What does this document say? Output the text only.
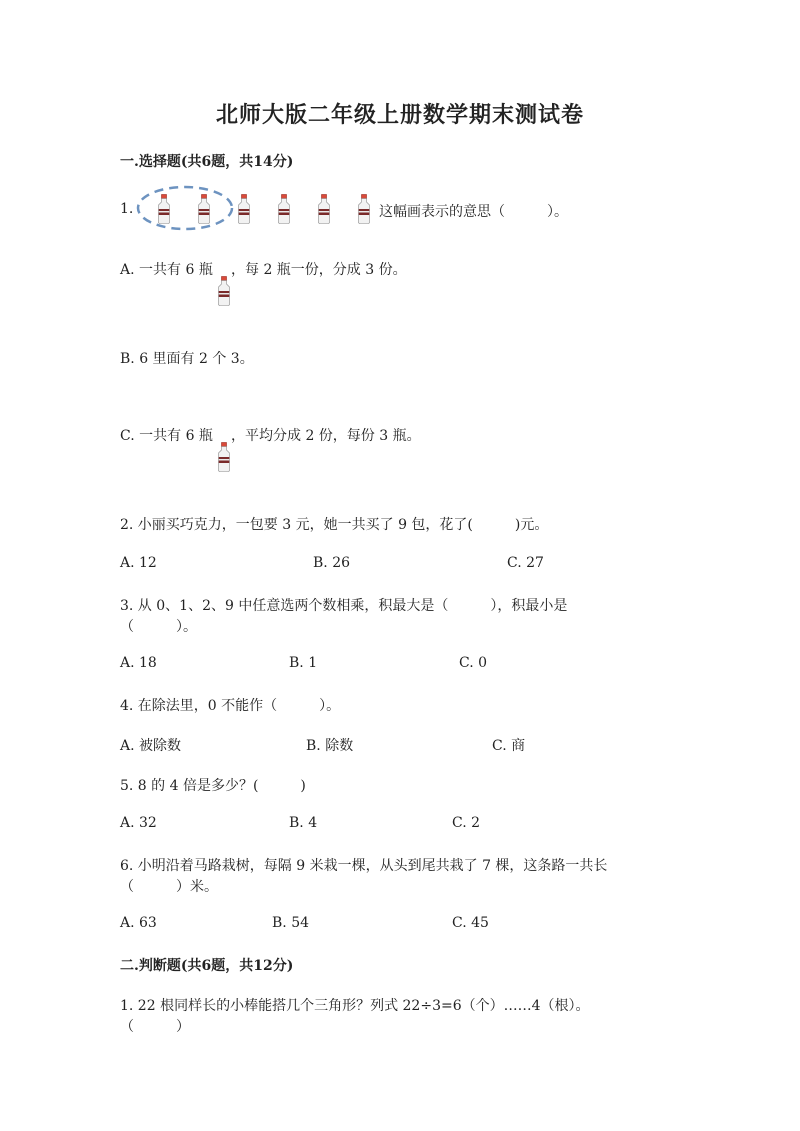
北师大版二年级上册数学期末测试卷
一.选择题(共6题，共14分)
1.	这幅画表示的意思（　　　）。
A. 一共有 6 瓶 ，每 2 瓶一份，分成 3 份。
B. 6 里面有 2 个 3。
C. 一共有 6 瓶 ，平均分成 2 份，每份 3 瓶。
2. 小丽买巧克力，一包要 3 元，她一共买了 9 包，花了(　　　)元。
A. 12	B. 26	C. 27
3. 从 0、1、2、9 中任意选两个数相乘，积最大是（　　　），积最小是
（　　　）。
A. 18	B. 1	C. 0
4. 在除法里，0 不能作（　　　）。
A. 被除数	B. 除数	C. 商
5. 8 的 4 倍是多少？(　　　)
A. 32	B. 4	C. 2
6. 小明沿着马路栽树，每隔 9 米栽一棵，从头到尾共栽了 7 棵，这条路一共长
（　　　）米。
A. 63	B. 54	C. 45
二.判断题(共6题，共12分)
1. 22 根同样长的小棒能搭几个三角形？列式 22÷3=6（个）……4（根）。
（　　　）
